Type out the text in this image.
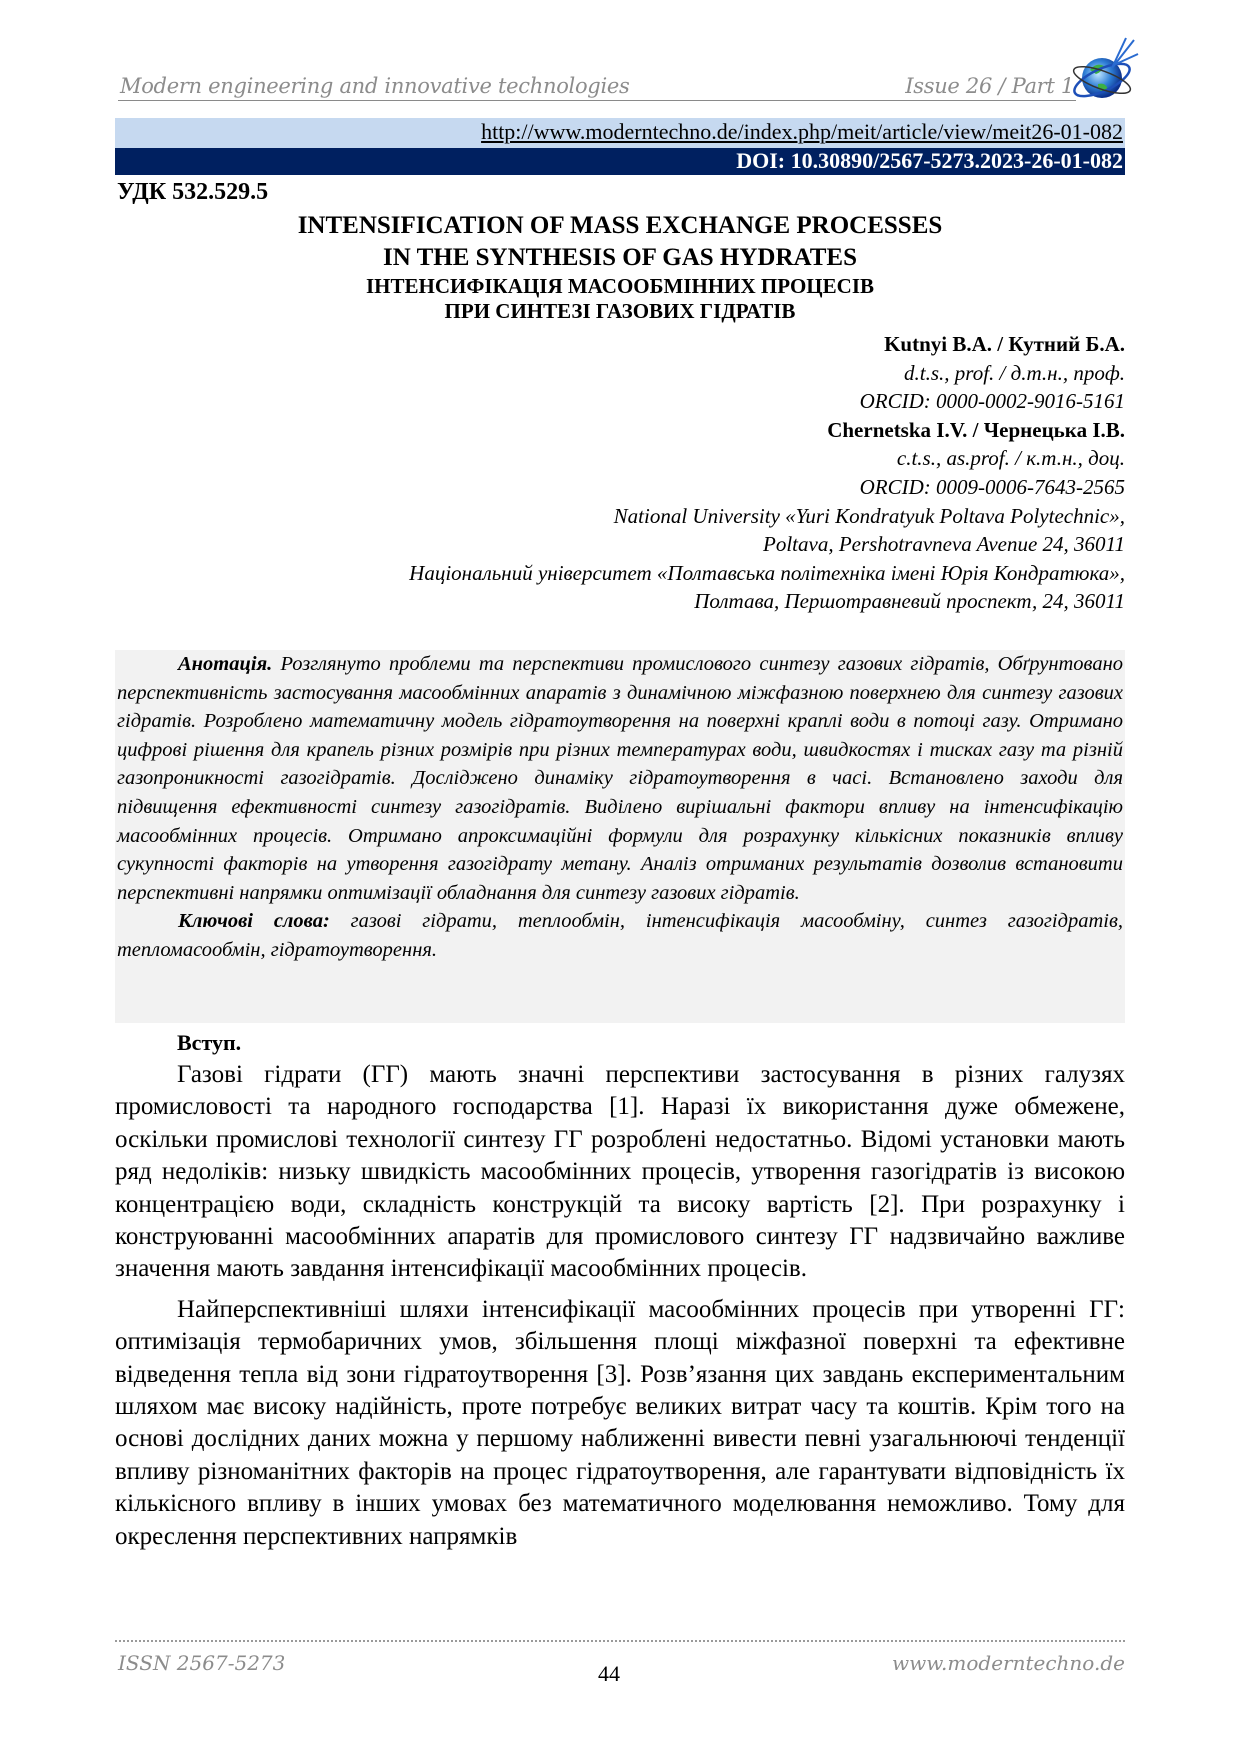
Modern engineering and innovative technologies	Issue 26 / Part 1
http://www.moderntechno.de/index.php/meit/article/view/meit26-01-082
DOI: 10.30890/2567-5273.2023-26-01-082
УДК 532.529.5
INTENSIFICATION OF MASS EXCHANGE PROCESSES
IN THE SYNTHESIS OF GAS HYDRATES
ІНТЕНСИФІКАЦІЯ МАСООБМІННИХ ПРОЦЕСІВ
ПРИ СИНТЕЗІ ГАЗОВИХ ГІДРАТІВ
Kutnyi B.A. / Кутний Б.А.
d.t.s., prof. / д.т.н., проф.
ORCID: 0000-0002-9016-5161
Chernetska I.V. / Чернецька І.В.
c.t.s., as.prof. / к.т.н., доц.
ORCID: 0009-0006-7643-2565
National University «Yuri Kondratyuk Poltava Polytechnic»,
Poltava, Pershotravneva Avenue 24, 36011
Національний університет «Полтавська політехніка імені Юрія Кондратюка»,
Полтава, Першотравневий проспект, 24, 36011

Анотація. Розглянуто проблеми та перспективи промислового синтезу газових гідратів, Обґрунтовано перспективність застосування масообмінних апаратів з динамічною міжфазною поверхнею для синтезу газових гідратів. Розроблено математичну модель гідратоутворення на поверхні краплі води в потоці газу. Отримано цифрові рішення для крапель різних розмірів при різних температурах води, швидкостях і тисках газу та різній газопроникності газогідратів. Досліджено динаміку гідратоутворення в часі. Встановлено заходи для підвищення ефективності синтезу газогідратів. Виділено вирішальні фактори впливу на інтенсифікацію масообмінних процесів. Отримано апроксимаційні формули для розрахунку кількісних показників впливу сукупності факторів на утворення газогідрату метану. Аналіз отриманих результатів дозволив встановити перспективні напрямки оптимізації обладнання для синтезу газових гідратів.

Ключові слова: газові гідрати, теплообмін, інтенсифікація масообміну, синтез газогідратів, тепломасообмін, гідратоутворення.

Вступ.

Газові гідрати (ГГ) мають значні перспективи застосування в різних галузях промисловості та народного господарства [1]. Наразі їх використання дуже обмежене, оскільки промислові технології синтезу ГГ розроблені недостатньо. Відомі установки мають ряд недоліків: низьку швидкість масообмінних процесів, утворення газогідратів із високою концентрацією води, складність конструкцій та високу вартість [2]. При розрахунку і конструюванні масообмінних апаратів для промислового синтезу ГГ надзвичайно важливе значення мають завдання інтенсифікації масообмінних процесів.

Найперспективніші шляхи інтенсифікації масообмінних процесів при утворенні ГГ: оптимізація термобаричних умов, збільшення площі міжфазної поверхні та ефективне відведення тепла від зони гідратоутворення [3]. Розв’язання цих завдань експериментальним шляхом має високу надійність, проте потребує великих витрат часу та коштів. Крім того на основі дослідних даних можна у першому наближенні вивести певні узагальнюючі тенденції впливу різноманітних факторів на процес гідратоутворення, але гарантувати відповідність їх кількісного впливу в інших умовах без математичного моделювання неможливо. Тому для окреслення перспективних напрямків

ISSN 2567-5273	44	www.moderntechno.de
